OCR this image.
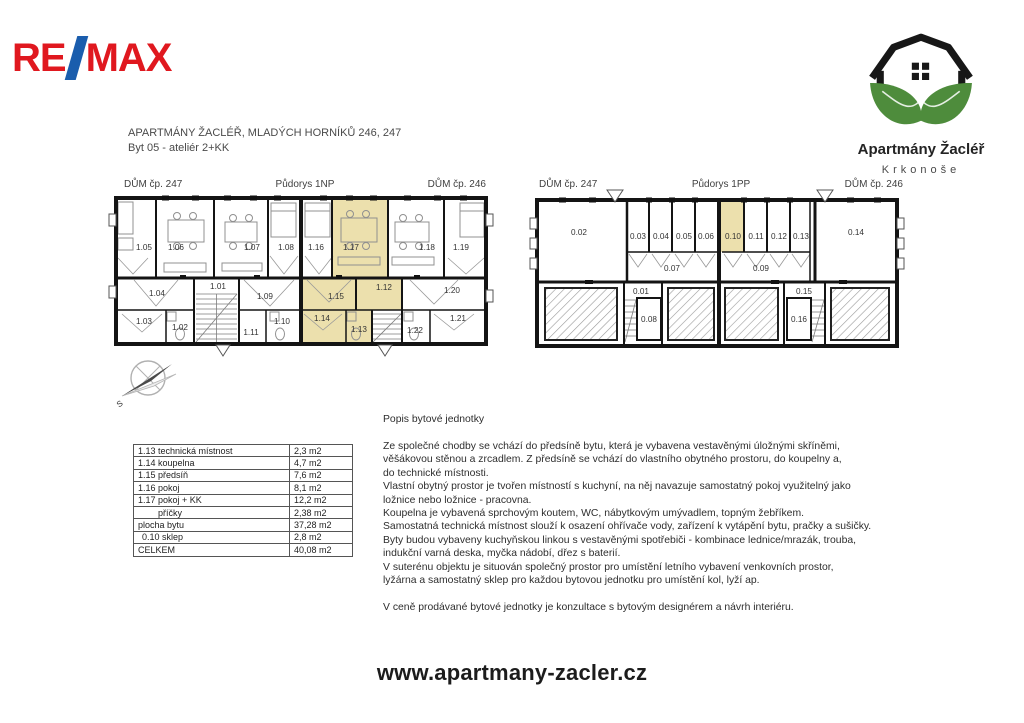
RE MAX
Apartmány Žacléř
Krkonoše
APARTMÁNY ŽACLÉŘ, MLADÝCH HORNÍKŮ 246, 247
Byt 05 - ateliér 2+KK
DŮM čp. 247	Půdorys 1NP	DŮM čp. 246
1.05 1.06	1.07 1.08 1.16 1.17	1.18 1.19
1.04
1.01
1.09	1.15
1.12	1.20
1.03
1.02
1.11
1.10	1.14
1.13	1.22
1.21
DŮM čp. 247	Půdorys 1PP	DŮM čp. 246
0.02	0.03 0.04 0.05 0.06
0.07
0.10 0.11 0.12 0.13
0.09
0.14
0.01
0.08
0.15
0.16
S
1.13 technická místnost	2,3 m2
1.14 koupelna	4,7 m2
1.15 předsíň	7,6 m2
1.16 pokoj	8,1 m2
1.17 pokoj + KK	12,2 m2
příčky	2,38 m2
plocha bytu	37,28 m2
0.10 sklep	2,8 m2
CELKEM	40,08 m2
Popis bytové jednotky
Ze společné chodby se vchází do předsíně bytu, která je vybavena vestavěnými úložnými skříněmi,
věšákovou stěnou a zrcadlem. Z předsíně se vchází do vlastního obytného prostoru, do koupelny a,
do technické místnosti.
Vlastní obytný prostor je tvořen místností s kuchyní, na něj navazuje samostatný pokoj využitelný jako
ložnice nebo ložnice - pracovna.
Koupelna je vybavená sprchovým koutem, WC, nábytkovým umývadlem, topným žebříkem.
Samostatná technická místnost slouží k osazení ohřívače vody, zařízení k vytápění bytu, pračky a sušičky.
Byty budou vybaveny kuchyňskou linkou s vestavěnými spotřebiči - kombinace lednice/mrazák, trouba,
indukční varná deska, myčka nádobí, dřez s baterií.
V suterénu objektu je situován společný prostor pro umístění letního vybavení venkovních prostor,
lyžárna a samostatný sklep pro každou bytovou jednotku pro umístění kol, lyží ap.
V ceně prodávané bytové jednotky je konzultace s bytovým designérem a návrh interiéru.
www.apartmany-zacler.cz
